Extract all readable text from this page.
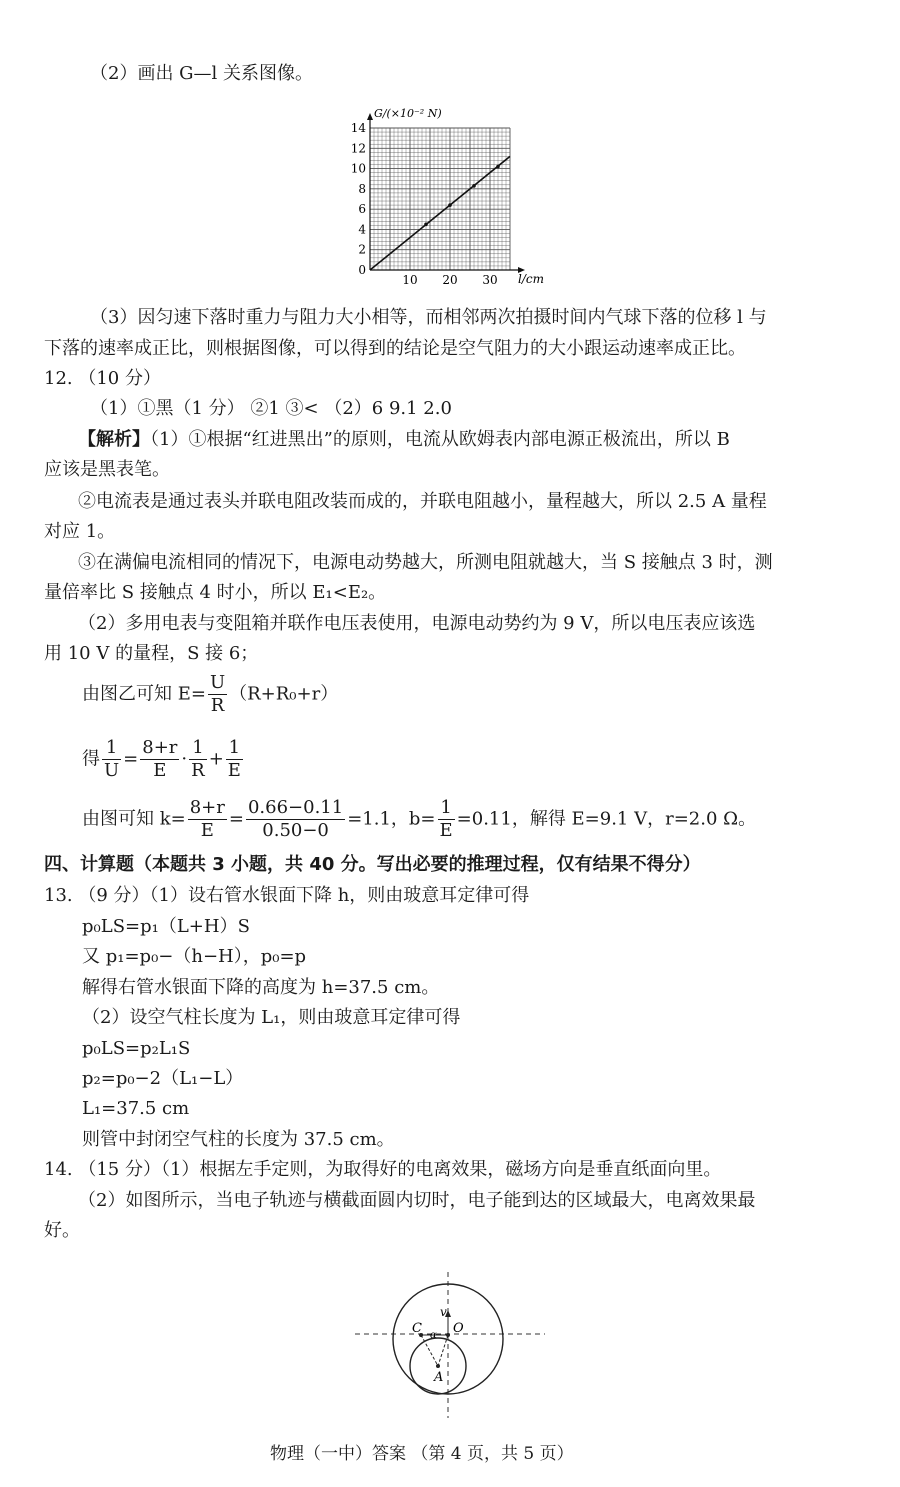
（2）画出 G—l 关系图像。
0
2
4
6
8
10
12
14
10 20 30
G/(×10⁻² N)
l/cm
（3）因匀速下落时重力与阻力大小相等，而相邻两次拍摄时间内气球下落的位移 l 与
下落的速率成正比，则根据图像，可以得到的结论是空气阻力的大小跟运动速率成正比。
12. （10 分）
（1）①黑（1 分） ②1 ③< （2）6 9.1 2.0
【解析】（1）①根据“红进黑出”的原则，电流从欧姆表内部电源正极流出，所以 B
应该是黑表笔。
②电流表是通过表头并联电阻改装而成的，并联电阻越小，量程越大，所以 2.5 A 量程
对应 1。
③在满偏电流相同的情况下，电源电动势越大，所测电阻就越大，当 S 接触点 3 时，测
量倍率比 S 接触点 4 时小，所以 E₁<E₂。
（2）多用电表与变阻箱并联作电压表使用，电源电动势约为 9 V，所以电压表应该选
用 10 V 的量程，S 接 6；
由图乙可知 $E= \frac{U}{R} (R+R_0+r)$
得 $\frac{1}{U} = \frac{8+r}{E} \cdot \frac{1}{R} + \frac{1}{E}$
由图可知 $k= \frac{8+r}{E} = \frac{0.66-0.11}{0.50-0} =1.1$，$b= \frac{1}{E} =0.11$，解得 E=9.1 V，r=2.0 Ω。
四、计算题（本题共 3 小题，共 40 分。写出必要的推理过程，仅有结果不得分）
13. （9 分）（1）设右管水银面下降 h，则由玻意耳定律可得
p₀LS=p₁（L+H）S
又 p₁=p₀−（h−H），p₀=p
解得右管水银面下降的高度为 h=37.5 cm。
（2）设空气柱长度为 L₁，则由玻意耳定律可得
p₀LS=p₂L₁S
p₂=p₀−2（L₁−L）
L₁=37.5 cm
则管中封闭空气柱的长度为 37.5 cm。
14. （15 分）（1）根据左手定则，为取得好的电离效果，磁场方向是垂直纸面向里。
（2）如图所示，当电子轨迹与横截面圆内切时，电子能到达的区域最大，电离效果最
好。
v
C O
α
A
物理（一中）答案 （第 4 页，共 5 页）
